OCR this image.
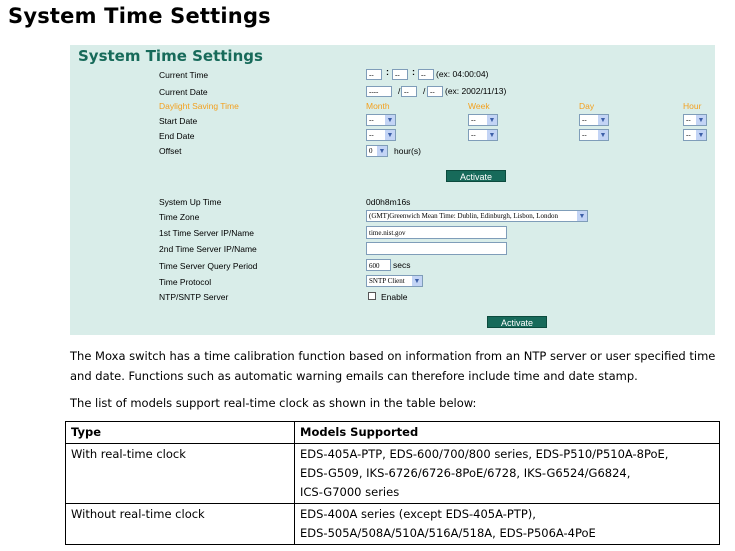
System Time Settings
System Time Settings
Current Time	--	: --	: --	(ex: 04:00:04)
Current Date	----	/ --	/ --	(ex: 2002/11/13)
Daylight Saving Time	Month	Week	Day	Hour
Start Date	-- ▼	-- ▼	-- ▼	-- ▼
End Date	-- ▼	-- ▼	-- ▼	-- ▼
Offset	0 ▼ hour(s)
Activate
System Up Time	0d0h8m16s
Time Zone	(GMT)Greenwich Mean Time: Dublin, Edinburgh, Lisbon, London	▼
1st Time Server IP/Name	time.nist.gov
2nd Time Server IP/Name
Time Server Query Period	600	secs
Time Protocol	SNTP Client ▼
NTP/SNTP Server	Enable
Activate
The Moxa switch has a time calibration function based on information from an NTP server or user specified time and date. Functions such as automatic warning emails can therefore include time and date stamp.
The list of models support real-time clock as shown in the table below:
Type	Models Supported
With real-time clock	EDS-405A-PTP, EDS-600/700/800 series, EDS-P510/P510A-8PoE,
EDS-G509, IKS-6726/6726-8PoE/6728, IKS-G6524/G6824,
ICS-G7000 series

Without real-time clock	EDS-400A series (except EDS-405A-PTP),
EDS-505A/508A/510A/516A/518A, EDS-P506A-4PoE
